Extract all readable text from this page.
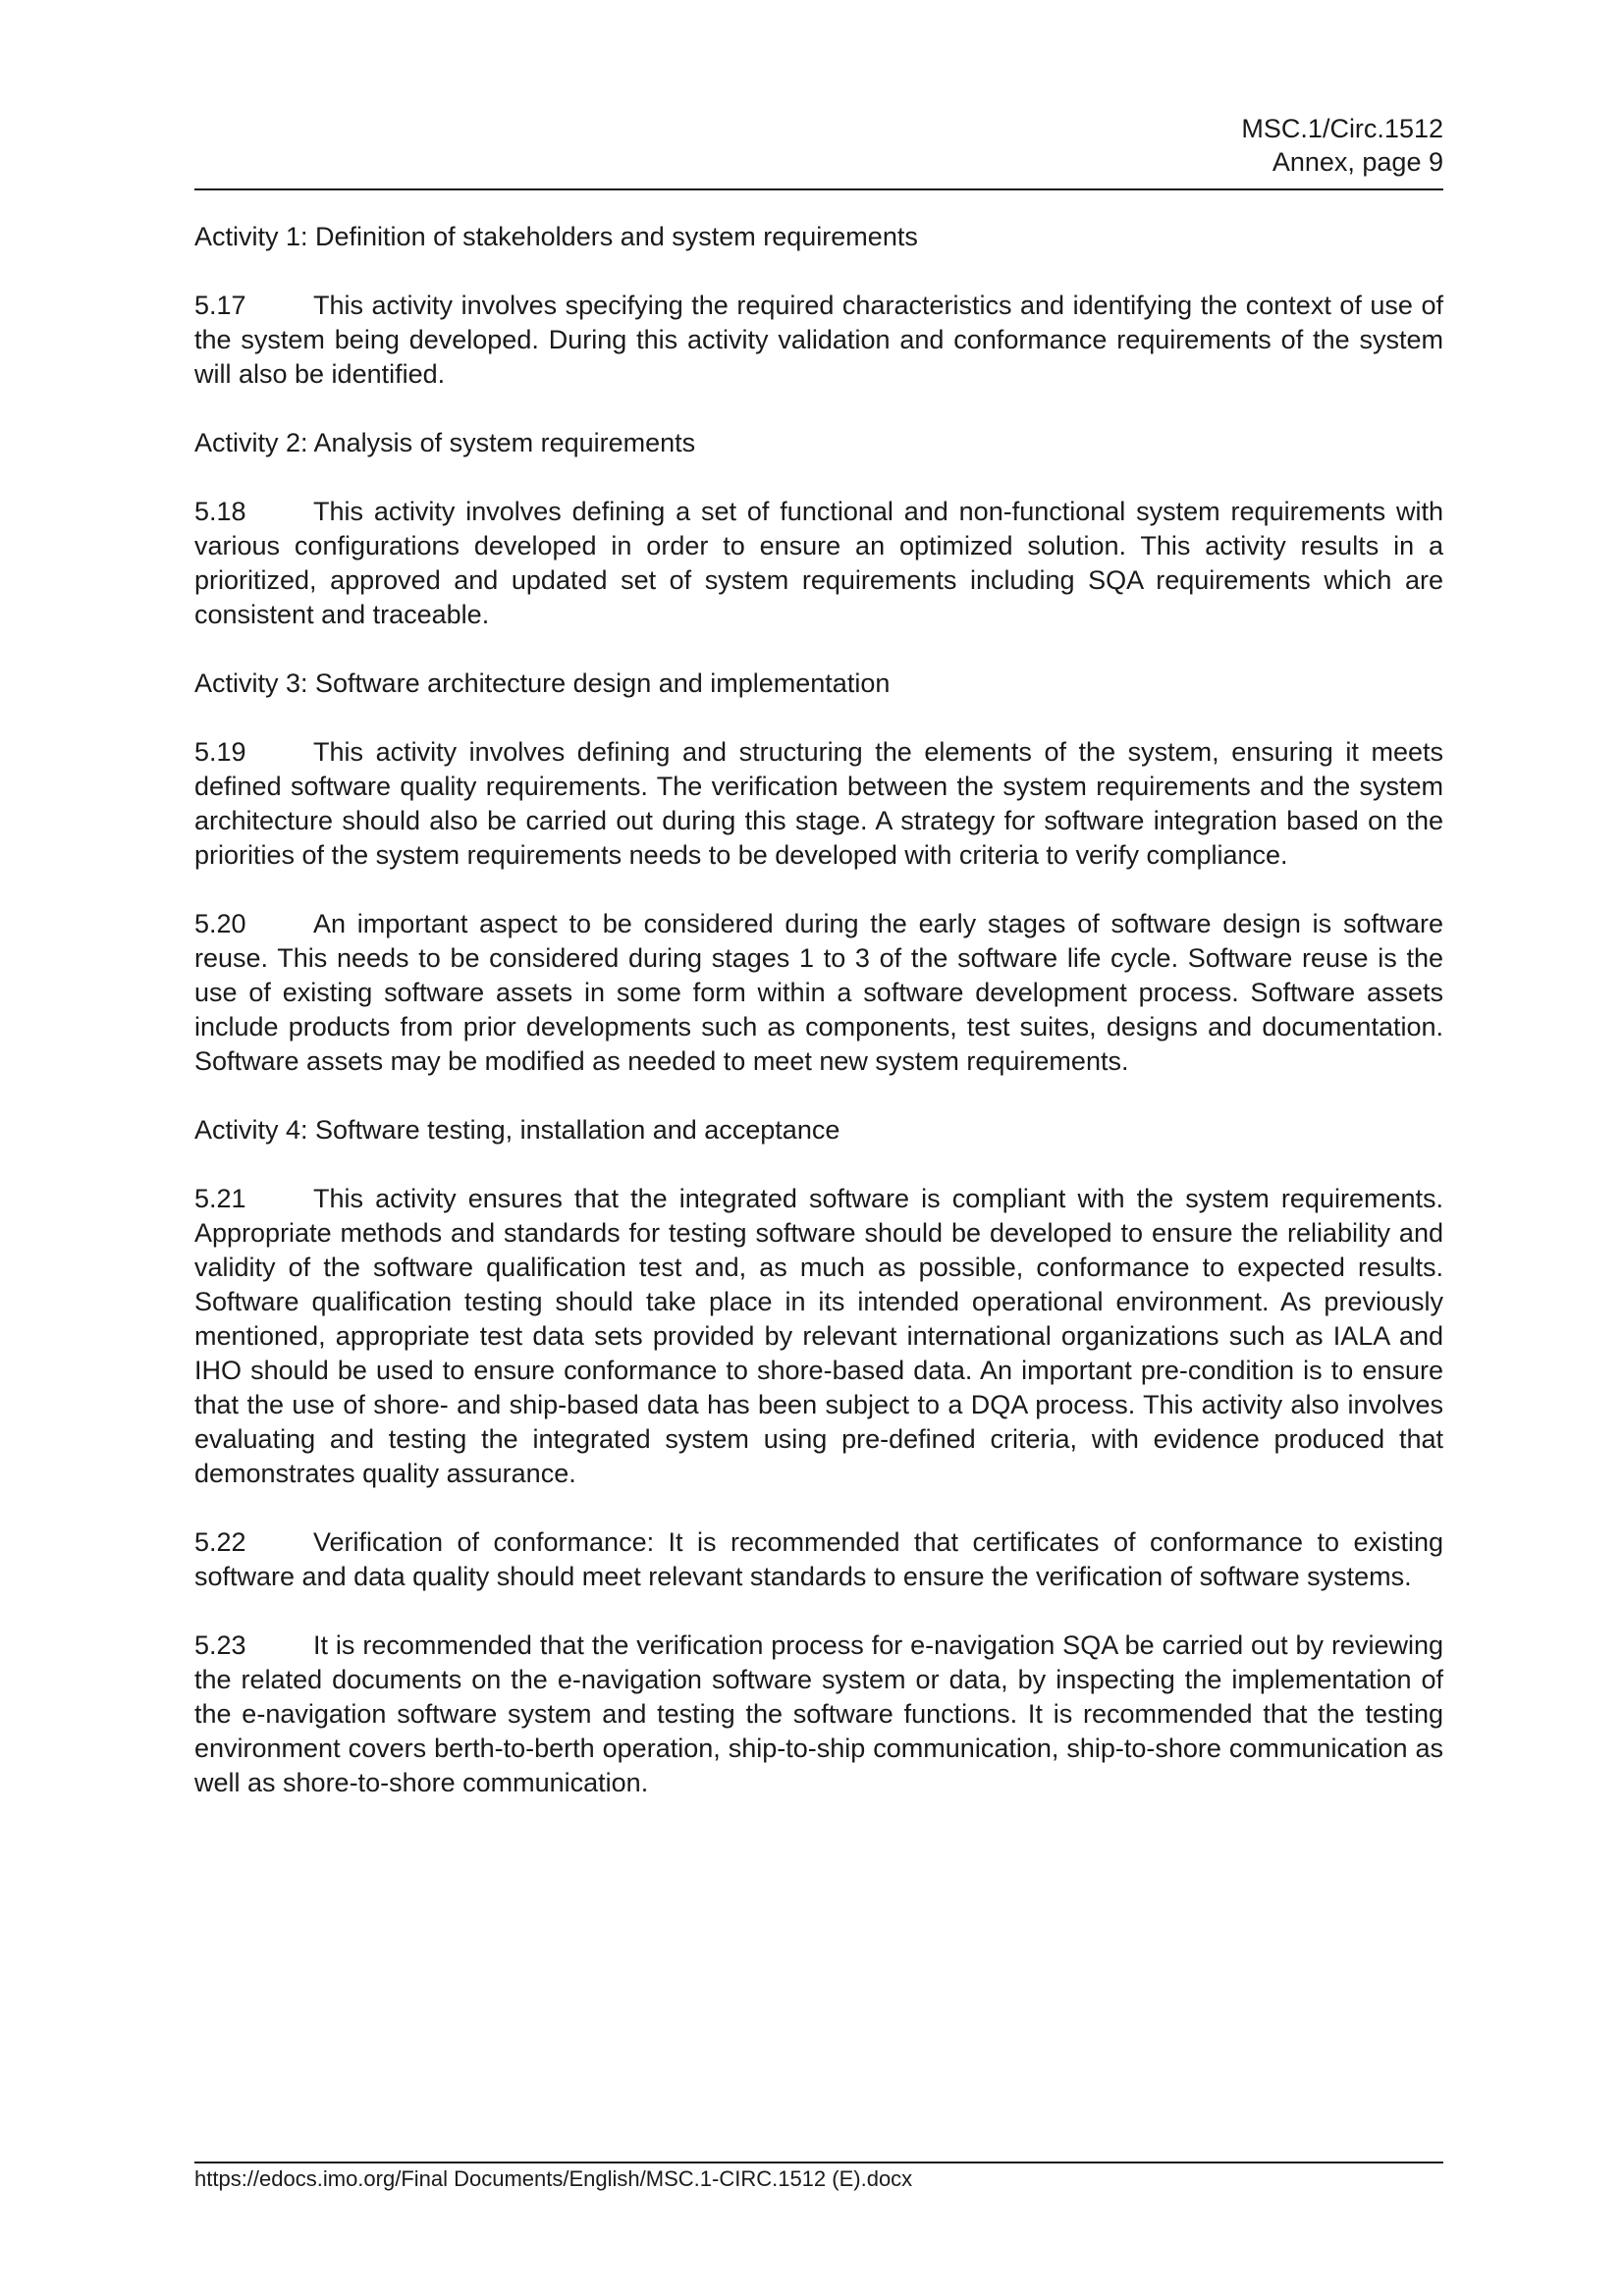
MSC.1/Circ.1512
Annex, page 9
Activity 1: Definition of stakeholders and system requirements
5.17	This activity involves specifying the required characteristics and identifying the context of use of the system being developed. During this activity validation and conformance requirements of the system will also be identified.
Activity 2: Analysis of system requirements
5.18	This activity involves defining a set of functional and non-functional system requirements with various configurations developed in order to ensure an optimized solution. This activity results in a prioritized, approved and updated set of system requirements including SQA requirements which are consistent and traceable.
Activity 3: Software architecture design and implementation
5.19	This activity involves defining and structuring the elements of the system, ensuring it meets defined software quality requirements. The verification between the system requirements and the system architecture should also be carried out during this stage. A strategy for software integration based on the priorities of the system requirements needs to be developed with criteria to verify compliance.
5.20	An important aspect to be considered during the early stages of software design is software reuse. This needs to be considered during stages 1 to 3 of the software life cycle. Software reuse is the use of existing software assets in some form within a software development process. Software assets include products from prior developments such as components, test suites, designs and documentation. Software assets may be modified as needed to meet new system requirements.
Activity 4: Software testing, installation and acceptance
5.21	This activity ensures that the integrated software is compliant with the system requirements. Appropriate methods and standards for testing software should be developed to ensure the reliability and validity of the software qualification test and, as much as possible, conformance to expected results. Software qualification testing should take place in its intended operational environment. As previously mentioned, appropriate test data sets provided by relevant international organizations such as IALA and IHO should be used to ensure conformance to shore-based data. An important pre-condition is to ensure that the use of shore- and ship-based data has been subject to a DQA process. This activity also involves evaluating and testing the integrated system using pre-defined criteria, with evidence produced that demonstrates quality assurance.
5.22	Verification of conformance: It is recommended that certificates of conformance to existing software and data quality should meet relevant standards to ensure the verification of software systems.
5.23	It is recommended that the verification process for e-navigation SQA be carried out by reviewing the related documents on the e-navigation software system or data, by inspecting the implementation of the e-navigation software system and testing the software functions. It is recommended that the testing environment covers berth-to-berth operation, ship-to-ship communication, ship-to-shore communication as well as shore-to-shore communication.
https://edocs.imo.org/Final Documents/English/MSC.1-CIRC.1512 (E).docx
